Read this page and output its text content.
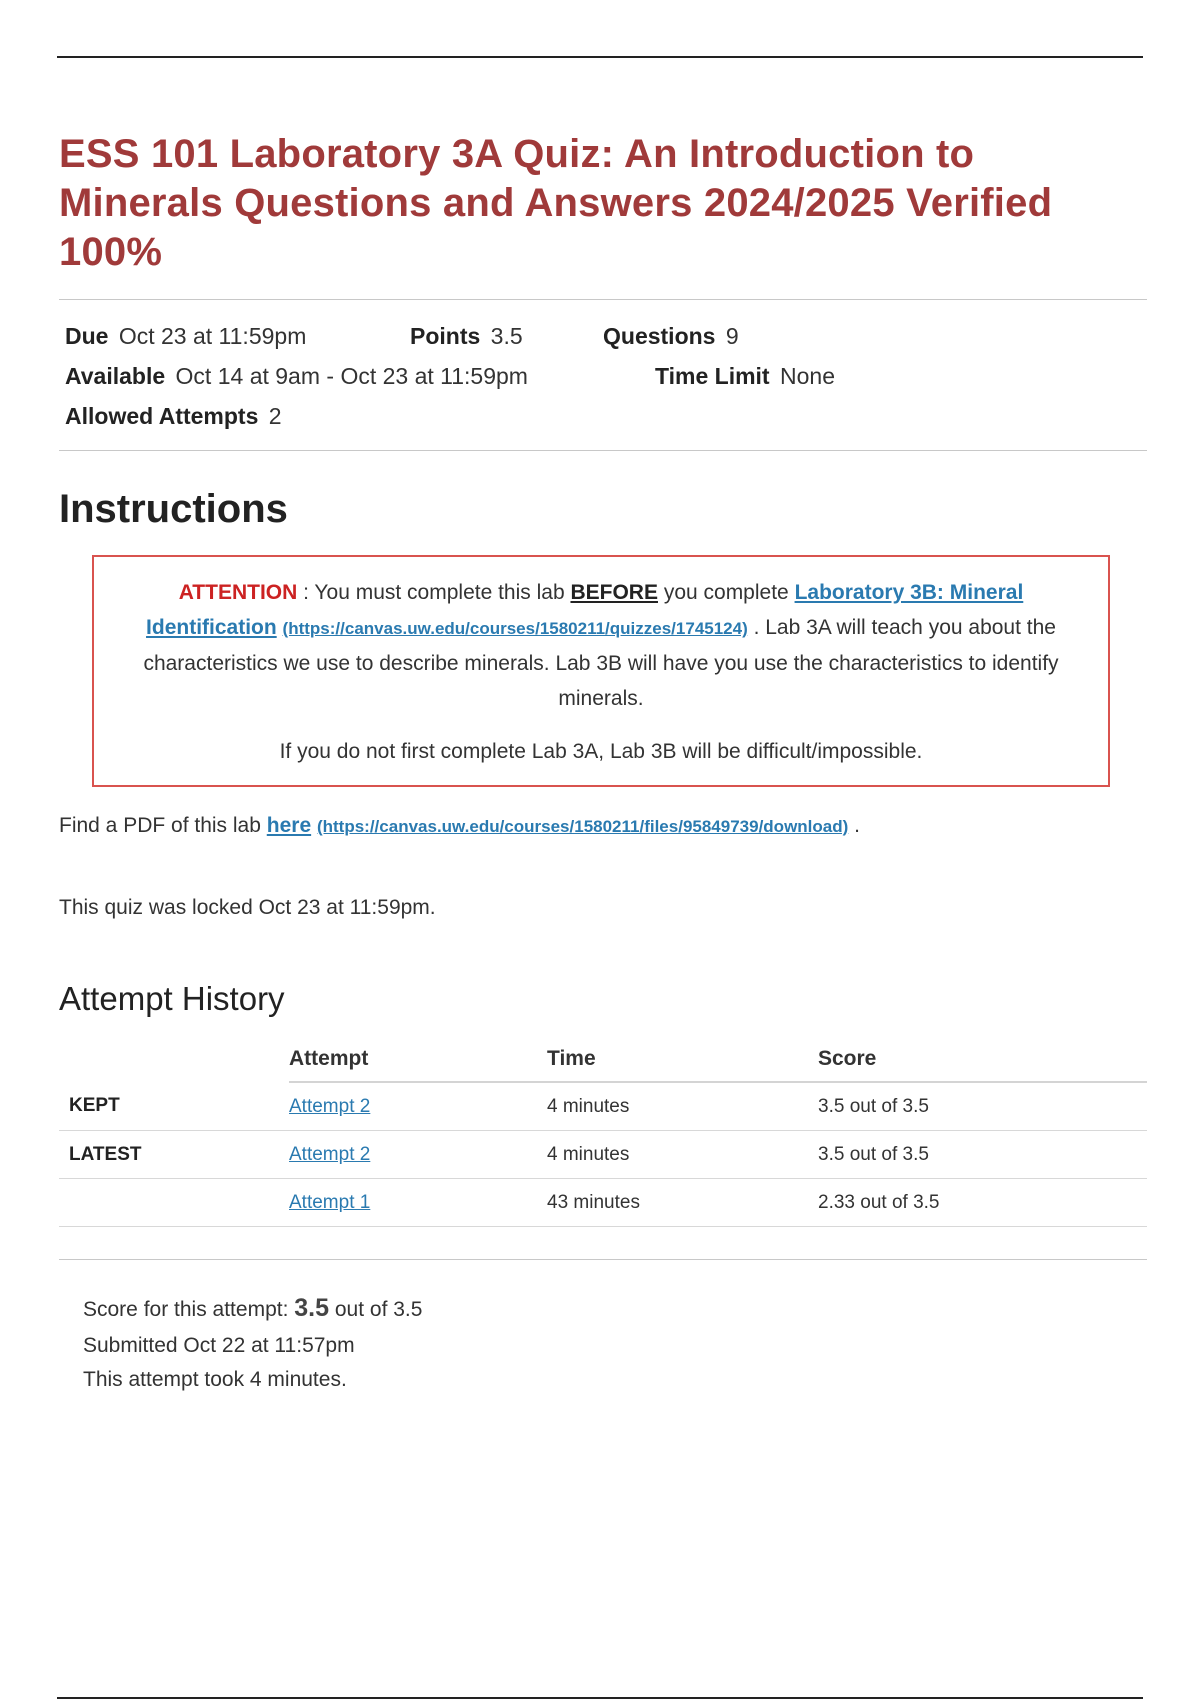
ESS 101 Laboratory 3A Quiz: An Introduction to Minerals Questions and Answers 2024/2025 Verified 100%
Due Oct 23 at 11:59pm	Points 3.5	Questions 9
Available Oct 14 at 9am - Oct 23 at 11:59pm	Time Limit None
Allowed Attempts 2
Instructions

ATTENTION : You must complete this lab BEFORE you complete Laboratory 3B: Mineral Identification (https://canvas.uw.edu/courses/1580211/quizzes/1745124) . Lab 3A will teach you about the characteristics we use to describe minerals. Lab 3B will have you use the characteristics to identify minerals.

If you do not first complete Lab 3A, Lab 3B will be difficult/impossible.

Find a PDF of this lab here (https://canvas.uw.edu/courses/1580211/files/95849739/download) .
This quiz was locked Oct 23 at 11:59pm.
Attempt History
	Attempt	Time	Score
KEPT	Attempt 2	4 minutes	3.5 out of 3.5
LATEST	Attempt 2	4 minutes	3.5 out of 3.5
	Attempt 1	43 minutes	2.33 out of 3.5
Score for this attempt: 3.5 out of 3.5
Submitted Oct 22 at 11:57pm
This attempt took 4 minutes.
